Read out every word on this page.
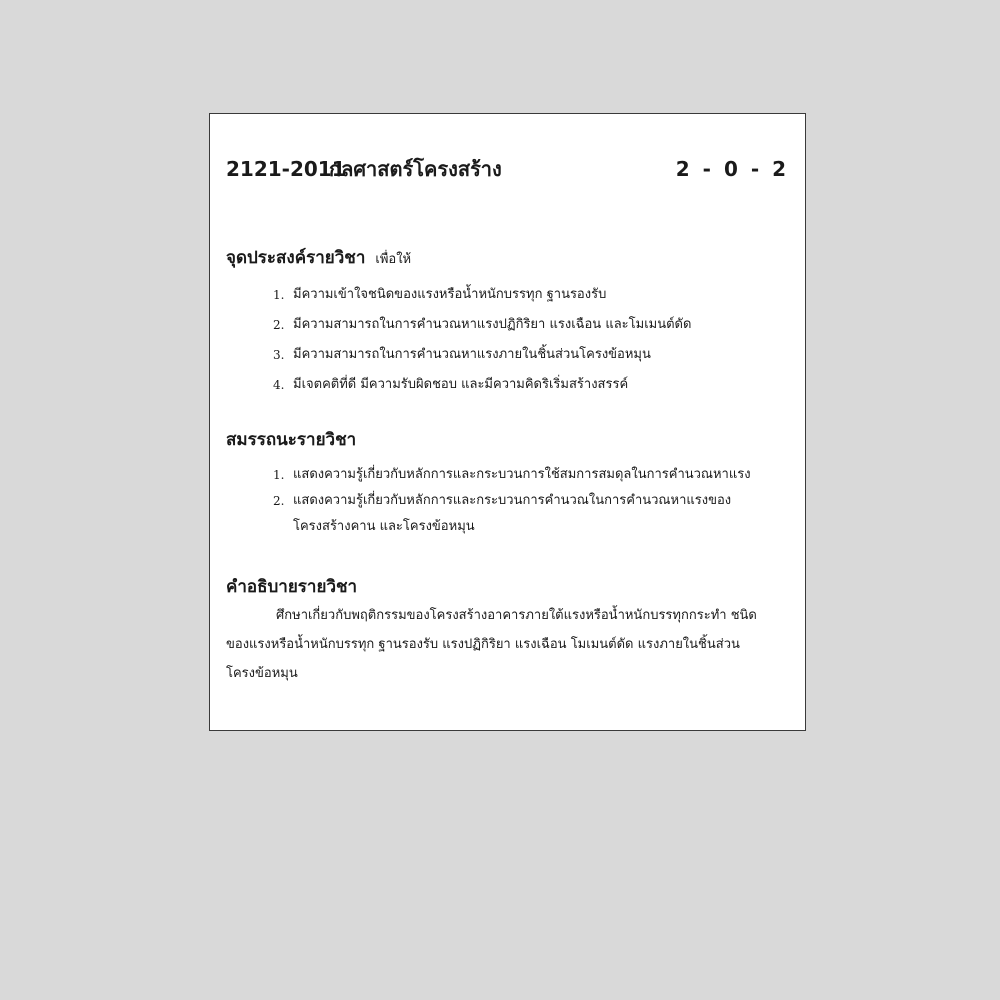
2121-2011
กลศาสตร์โครงสร้าง	2 - 0 - 2
จุดประสงค์รายวิชา เพื่อให้
1. มีความเข้าใจชนิดของแรงหรือน้ำหนักบรรทุก ฐานรองรับ
2. มีความสามารถในการคำนวณหาแรงปฏิกิริยา แรงเฉือน และโมเมนต์ดัด
3. มีความสามารถในการคำนวณหาแรงภายในชิ้นส่วนโครงข้อหมุน
4. มีเจตคติที่ดี มีความรับผิดชอบ และมีความคิดริเริ่มสร้างสรรค์
สมรรถนะรายวิชา
1. แสดงความรู้เกี่ยวกับหลักการและกระบวนการใช้สมการสมดุลในการคำนวณหาแรง
2. แสดงความรู้เกี่ยวกับหลักการและกระบวนการคำนวณในการคำนวณหาแรงของ
โครงสร้างคาน และโครงข้อหมุน
คำอธิบายรายวิชา
ศึกษาเกี่ยวกับพฤติกรรมของโครงสร้างอาคารภายใต้แรงหรือน้ำหนักบรรทุกกระทำ ชนิด
ของแรงหรือน้ำหนักบรรทุก ฐานรองรับ แรงปฏิกิริยา แรงเฉือน โมเมนต์ดัด แรงภายในชิ้นส่วน
โครงข้อหมุน
